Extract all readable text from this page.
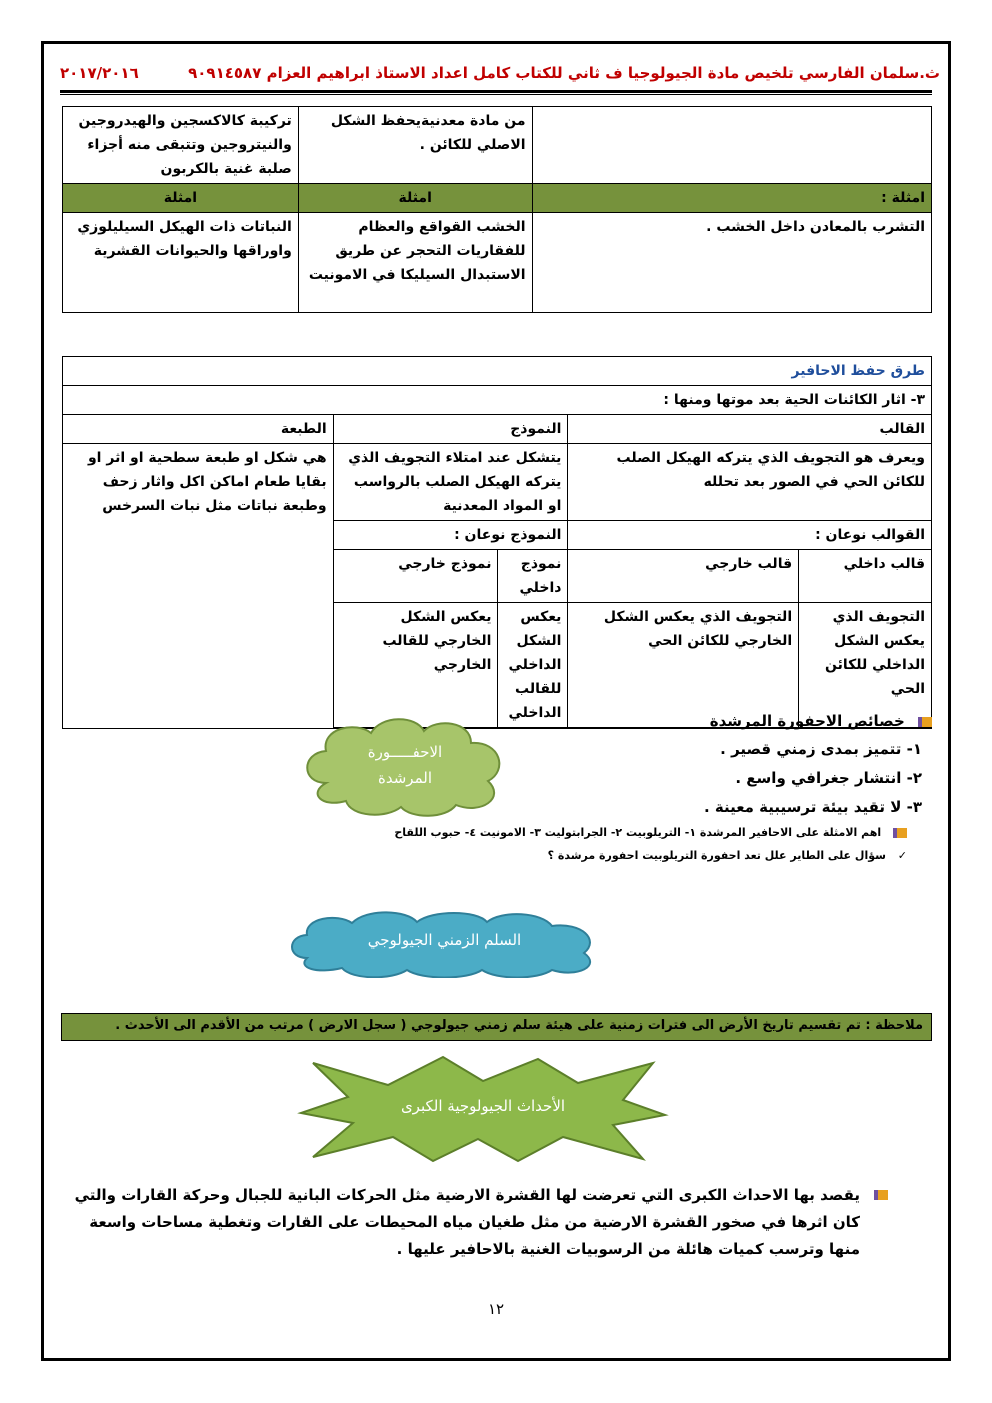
ث.سلمان الفارسي تلخيص مادة الجيولوجيا ف ثاني للكتاب كامل اعداد الاستاذ ابراهيم العزام ٩٠٩١٤٥٨٧
٢٠١٧/٢٠١٦
	من مادة معدنيةيحفظ الشكل الاصلي للكائن .	تركيبة كالاكسجين والهيدروجين والنيتروجين وتتبقى منه أجزاء صلبة غنية بالكربون
امثلة :	امثلة	امثلة
التشرب بالمعادن داخل الخشب .	الخشب القواقع والعظام للفقاريات التحجر عن طريق الاستبدال السيليكا في الامونيت	النباتات ذات الهيكل السيليلوزي واوراقها والحيوانات القشرية
طرق حفظ الاحافير				
٣- اثار الكائنات الحية بعد موتها ومنها :				
القالب		النموذج		الطبعة
ويعرف هو التجويف الذي يتركه الهيكل الصلب للكائن الحي في الصور بعد تحلله		يتشكل عند امتلاء التجويف الذي يتركه الهيكل الصلب بالرواسب او المواد المعدنية		هي شكل او طبعة سطحية او اثر او بقايا طعام اماكن اكل واثار زحف وطبعة نباتات مثل نبات السرخس
القوالب نوعان :		النموذج نوعان :		
قالب داخلي	قالب خارجي	نموذج داخلي	نموذج خارجي	
التجويف الذي يعكس الشكل الداخلي للكائن الحي	التجويف الذي يعكس الشكل الخارجي للكائن الحي	يعكس الشكل الداخلي للقالب الداخلي	يعكس الشكل الخارجي للقالب الخارجي	

خصائص الاحفورة المرشدة
١- تتميز بمدى زمني قصير .
٢- انتشار جغرافي واسع .
٣- لا تقيد بيئة ترسيبية معينة .
اهم الامثلة على الاحافير المرشدة ١- التريلوبيت ٢- الجرابتوليت ٣- الامونيت ٤- حبوب اللقاح
✓ سؤال على الطاير علل تعد احفورة التريلوبيت احفورة مرشدة ؟
الاحفـــــورة
المرشدة
السلم الزمني الجيولوجي
ملاحظة : تم تقسيم تاريخ الأرض الى فترات زمنية على هيئة سلم زمني جيولوجي ( سجل الارض ) مرتب من الأقدم الى الأحدث .
الأحداث الجيولوجية الكبرى
يقصد بها الاحداث الكبرى التي تعرضت لها القشرة الارضية مثل الحركات البانية للجبال وحركة القارات والتي كان اثرها في صخور القشرة الارضية من مثل طغيان مياه المحيطات على القارات وتغطية مساحات واسعة منها وترسب كميات هائلة من الرسوبيات الغنية بالاحافير عليها .
١٢
